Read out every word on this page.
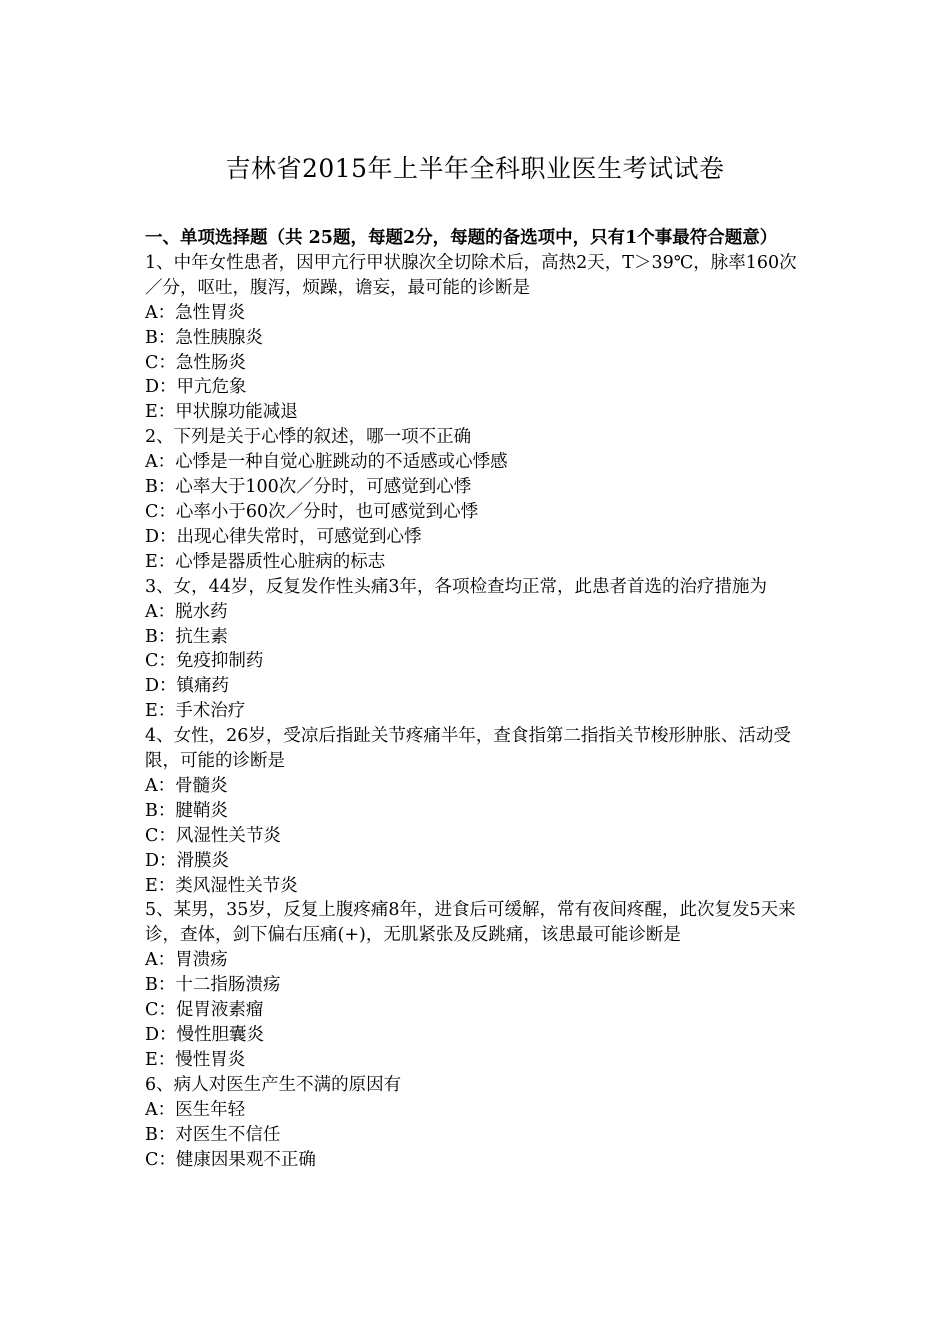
吉林省2015年上半年全科职业医生考试试卷

一、单项选择题（共 25题，每题2分，每题的备选项中，只有1个事最符合题意）

1、中年女性患者，因甲亢行甲状腺次全切除术后，高热2天，T＞39℃，脉率160次／分，呕吐，腹泻，烦躁，谵妄，最可能的诊断是

A：急性胃炎

B：急性胰腺炎

C：急性肠炎

D：甲亢危象

E：甲状腺功能减退

2、下列是关于心悸的叙述，哪一项不正确

A：心悸是一种自觉心脏跳动的不适感或心悸感

B：心率大于100次／分时，可感觉到心悸

C：心率小于60次／分时，也可感觉到心悸

D：出现心律失常时，可感觉到心悸

E：心悸是器质性心脏病的标志

3、女，44岁，反复发作性头痛3年，各项检查均正常，此患者首选的治疗措施为

A：脱水药

B：抗生素

C：免疫抑制药

D：镇痛药

E：手术治疗

4、女性，26岁，受凉后指趾关节疼痛半年，查食指第二指指关节梭形肿胀、活动受限，可能的诊断是

A：骨髓炎

B：腱鞘炎

C：风湿性关节炎

D：滑膜炎

E：类风湿性关节炎

5、某男，35岁，反复上腹疼痛8年，进食后可缓解，常有夜间疼醒，此次复发5天来诊，查体，剑下偏右压痛(+)，无肌紧张及反跳痛，该患最可能诊断是

A：胃溃疡

B：十二指肠溃疡

C：促胃液素瘤

D：慢性胆囊炎

E：慢性胃炎

6、病人对医生产生不满的原因有

A：医生年轻

B：对医生不信任

C：健康因果观不正确
